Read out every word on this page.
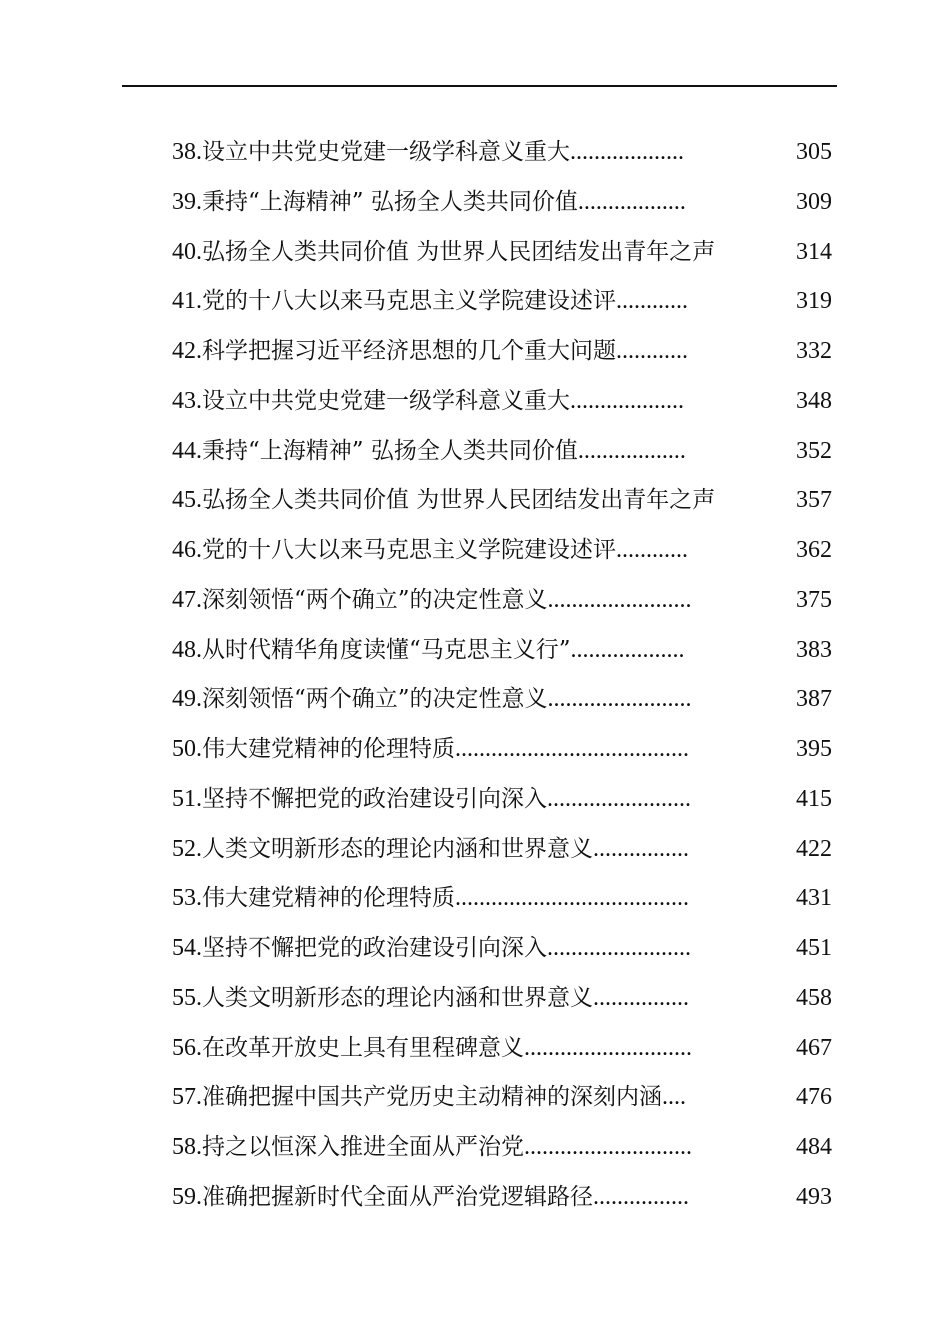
38.设立中共党史党建一级学科意义重大 ...................	305
39.秉持“上海精神” 弘扬全人类共同价值 ..................	309
40.弘扬全人类共同价值 为世界人民团结发出青年之声	314
41.党的十八大以来马克思主义学院建设述评 ............	319
42.科学把握习近平经济思想的几个重大问题 ............	332
43.设立中共党史党建一级学科意义重大 ...................	348
44.秉持“上海精神” 弘扬全人类共同价值 ..................	352
45.弘扬全人类共同价值 为世界人民团结发出青年之声	357
46.党的十八大以来马克思主义学院建设述评 ............	362
47.深刻领悟“两个确立”的决定性意义 ........................	375
48.从时代精华角度读懂“马克思主义行” ...................	383
49.深刻领悟“两个确立”的决定性意义 ........................	387
50.伟大建党精神的伦理特质 .......................................	395
51.坚持不懈把党的政治建设引向深入 ........................	415
52.人类文明新形态的理论内涵和世界意义 ................	422
53.伟大建党精神的伦理特质 .......................................	431
54.坚持不懈把党的政治建设引向深入 ........................	451
55.人类文明新形态的理论内涵和世界意义 ................	458
56.在改革开放史上具有里程碑意义 ............................	467
57.准确把握中国共产党历史主动精神的深刻内涵 ....	476
58.持之以恒深入推进全面从严治党 ............................	484
59.准确把握新时代全面从严治党逻辑路径 ................	493
